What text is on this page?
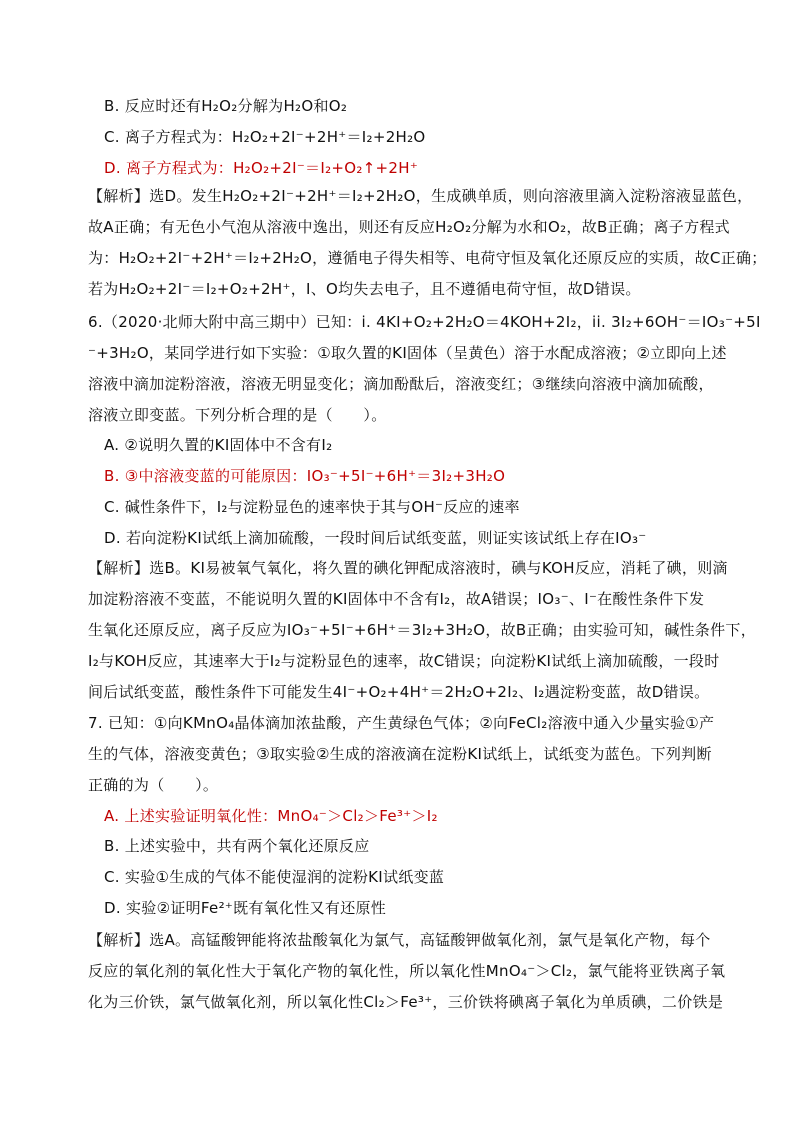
B. 反应时还有H₂O₂分解为H₂O和O₂
C. 离子方程式为：H₂O₂+2I⁻+2H⁺＝I₂+2H₂O
D. 离子方程式为：H₂O₂+2I⁻＝I₂+O₂↑+2H⁺
【解析】选D。发生H₂O₂+2I⁻+2H⁺＝I₂+2H₂O，生成碘单质，则向溶液里滴入淀粉溶液显蓝色，
故A正确；有无色小气泡从溶液中逸出，则还有反应H₂O₂分解为水和O₂，故B正确；离子方程式
为：H₂O₂+2I⁻+2H⁺＝I₂+2H₂O，遵循电子得失相等、电荷守恒及氧化还原反应的实质，故C正确；
若为H₂O₂+2I⁻＝I₂+O₂+2H⁺，I、O均失去电子，且不遵循电荷守恒，故D错误。
6.（2020·北师大附中高三期中）已知：i. 4KI+O₂+2H₂O＝4KOH+2I₂，ii. 3I₂+6OH⁻＝IO₃⁻+5I
⁻+3H₂O，某同学进行如下实验：①取久置的KI固体（呈黄色）溶于水配成溶液；②立即向上述
溶液中滴加淀粉溶液，溶液无明显变化；滴加酚酞后，溶液变红；③继续向溶液中滴加硫酸，
溶液立即变蓝。下列分析合理的是（　　）。
A. ②说明久置的KI固体中不含有I₂
B. ③中溶液变蓝的可能原因：IO₃⁻+5I⁻+6H⁺＝3I₂+3H₂O
C. 碱性条件下，I₂与淀粉显色的速率快于其与OH⁻反应的速率
D. 若向淀粉KI试纸上滴加硫酸，一段时间后试纸变蓝，则证实该试纸上存在IO₃⁻
【解析】选B。KI易被氧气氧化，将久置的碘化钾配成溶液时，碘与KOH反应，消耗了碘，则滴
加淀粉溶液不变蓝，不能说明久置的KI固体中不含有I₂，故A错误；IO₃⁻、I⁻在酸性条件下发
生氧化还原反应，离子反应为IO₃⁻+5I⁻+6H⁺＝3I₂+3H₂O，故B正确；由实验可知，碱性条件下，
I₂与KOH反应，其速率大于I₂与淀粉显色的速率，故C错误；向淀粉KI试纸上滴加硫酸，一段时
间后试纸变蓝，酸性条件下可能发生4I⁻+O₂+4H⁺＝2H₂O+2I₂、I₂遇淀粉变蓝，故D错误。
7. 已知：①向KMnO₄晶体滴加浓盐酸，产生黄绿色气体；②向FeCl₂溶液中通入少量实验①产
生的气体，溶液变黄色；③取实验②生成的溶液滴在淀粉KI试纸上，试纸变为蓝色。下列判断
正确的为（　　）。
A. 上述实验证明氧化性：MnO₄⁻＞Cl₂＞Fe³⁺＞I₂
B. 上述实验中，共有两个氧化还原反应
C. 实验①生成的气体不能使湿润的淀粉KI试纸变蓝
D. 实验②证明Fe²⁺既有氧化性又有还原性
【解析】选A。高锰酸钾能将浓盐酸氧化为氯气，高锰酸钾做氧化剂，氯气是氧化产物，每个
反应的氧化剂的氧化性大于氧化产物的氧化性，所以氧化性MnO₄⁻＞Cl₂，氯气能将亚铁离子氧
化为三价铁，氯气做氧化剂，所以氧化性Cl₂＞Fe³⁺，三价铁将碘离子氧化为单质碘，二价铁是
